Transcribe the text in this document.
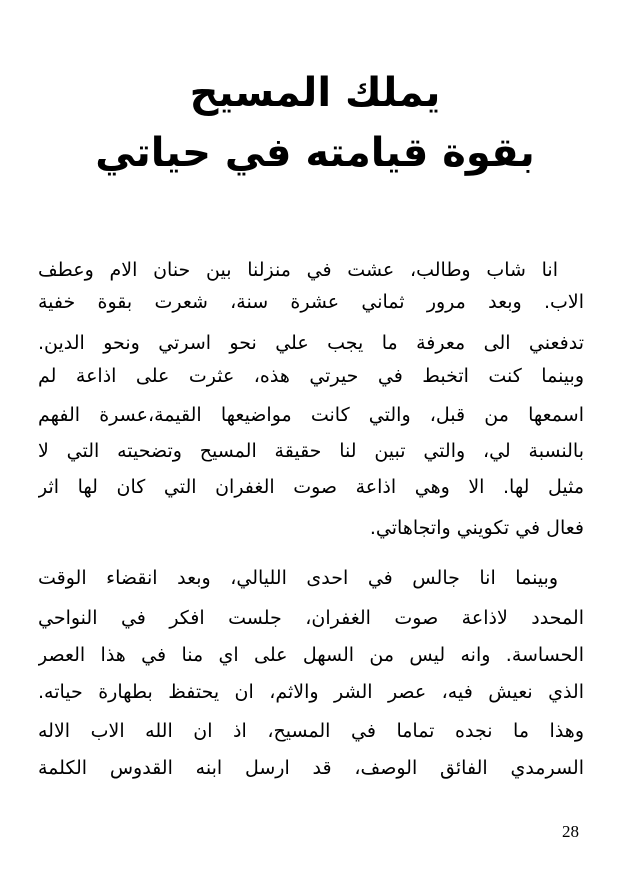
يملك المسيح
بقوة قيامته في حياتي

انا شاب وطالب، عشت في منزلنا بين حنان الام وعطف

الاب. وبعد مرور ثماني عشرة سنة، شعرت بقوة خفية

تدفعني الى معرفة ما يجب علي نحو اسرتي ونحو الدين.

وبينما كنت اتخبط في حيرتي هذه، عثرت على اذاعة لم

اسمعها من قبل، والتي كانت مواضيعها القيمة،عسرة الفهم

بالنسبة لي، والتي تبين لنا حقيقة المسيح وتضحيته التي لا

مثيل لها. الا وهي اذاعة صوت الغفران التي كان لها اثر

فعال في تكويني واتجاهاتي.

وبينما انا جالس في احدى الليالي، وبعد انقضاء الوقت

المحدد لاذاعة صوت الغفران، جلست افكر في النواحي

الحساسة. وانه ليس من السهل على اي منا في هذا العصر

الذي نعيش فيه، عصر الشر والاثم، ان يحتفظ بطهارة حياته.

وهذا ما نجده تماما في المسيح، اذ ان الله الاب الاله

السرمدي الفائق الوصف، قد ارسل ابنه القدوس الكلمة

28
